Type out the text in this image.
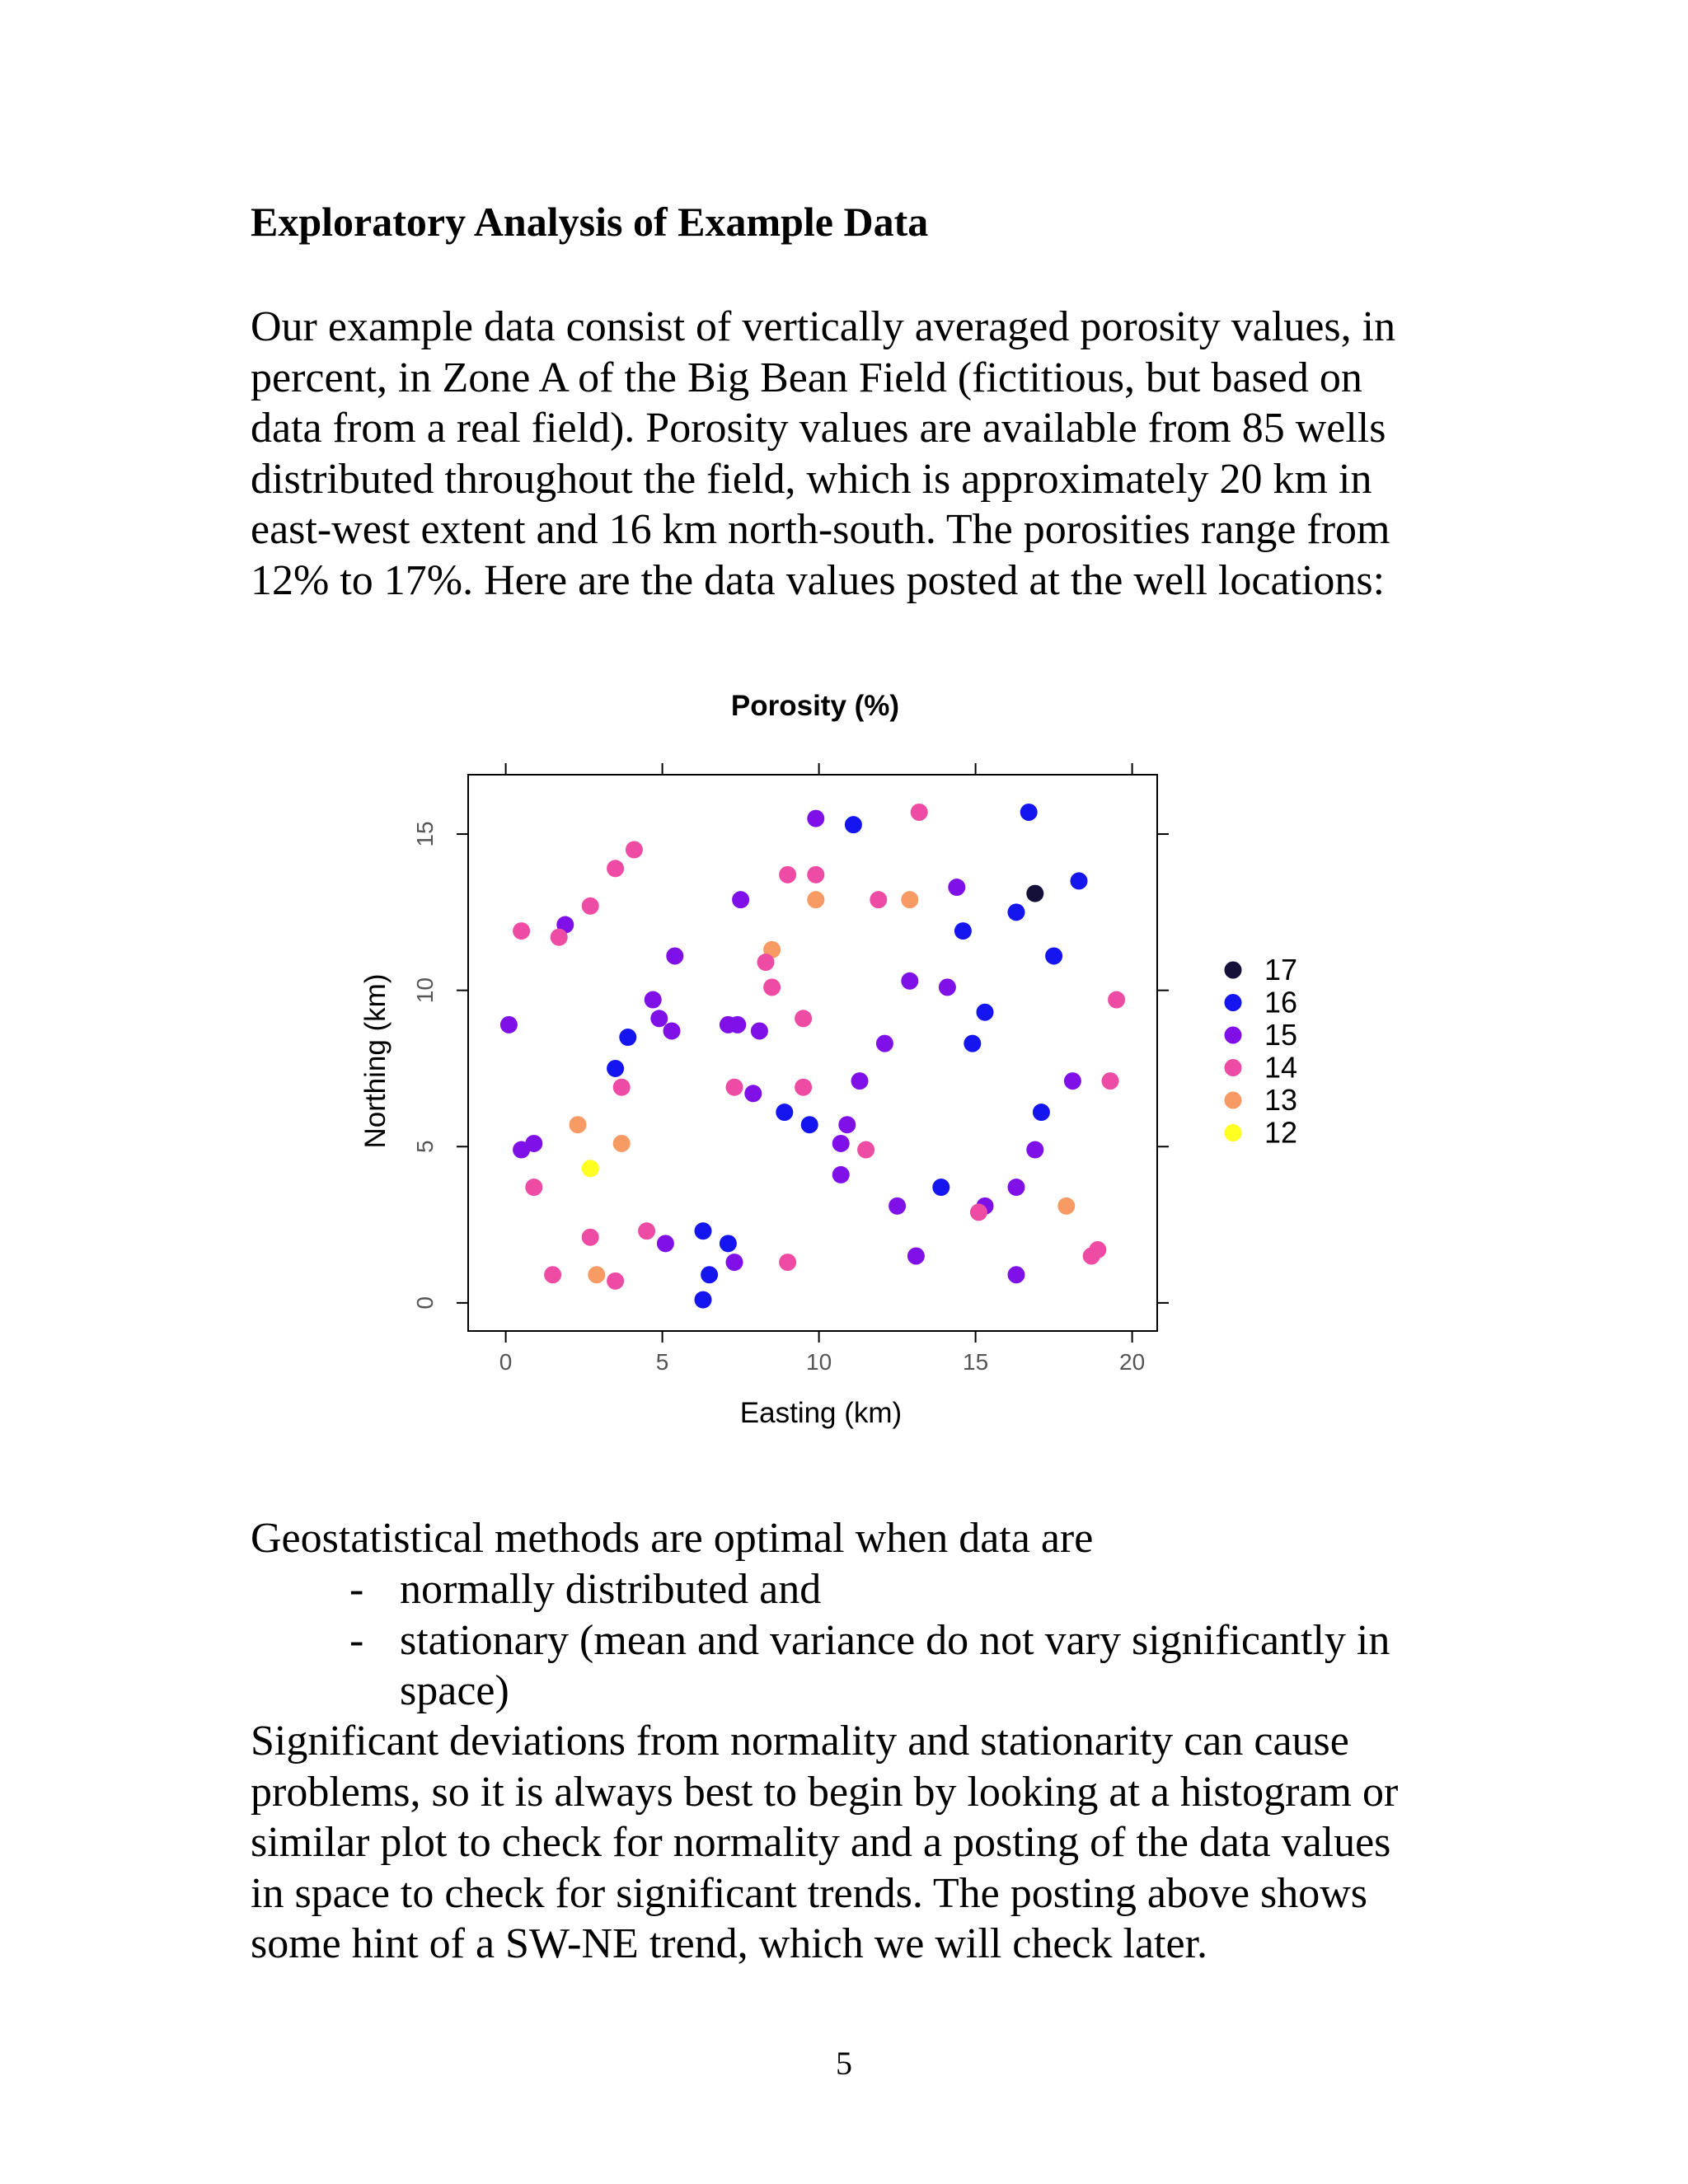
Exploratory Analysis of Example Data

Our example data consist of vertically averaged porosity values, in
percent, in Zone A of the Big Bean Field (fictitious, but based on
data from a real field). Porosity values are available from 85 wells
distributed throughout the field, which is approximately 20 km in
east-west extent and 16 km north-south. The porosities range from
12% to 17%. Here are the data values posted at the well locations:

Porosity (%)
0	5	10	15	20
0
5
10
15
Easting (km)
Northing (km)
17
16
15
14
13
12

Geostatistical methods are optimal when data are

- normally distributed and
- stationary (mean and variance do not vary significantly in
space)

Significant deviations from normality and stationarity can cause
problems, so it is always best to begin by looking at a histogram or
similar plot to check for normality and a posting of the data values
in space to check for significant trends. The posting above shows
some hint of a SW-NE trend, which we will check later.

5
